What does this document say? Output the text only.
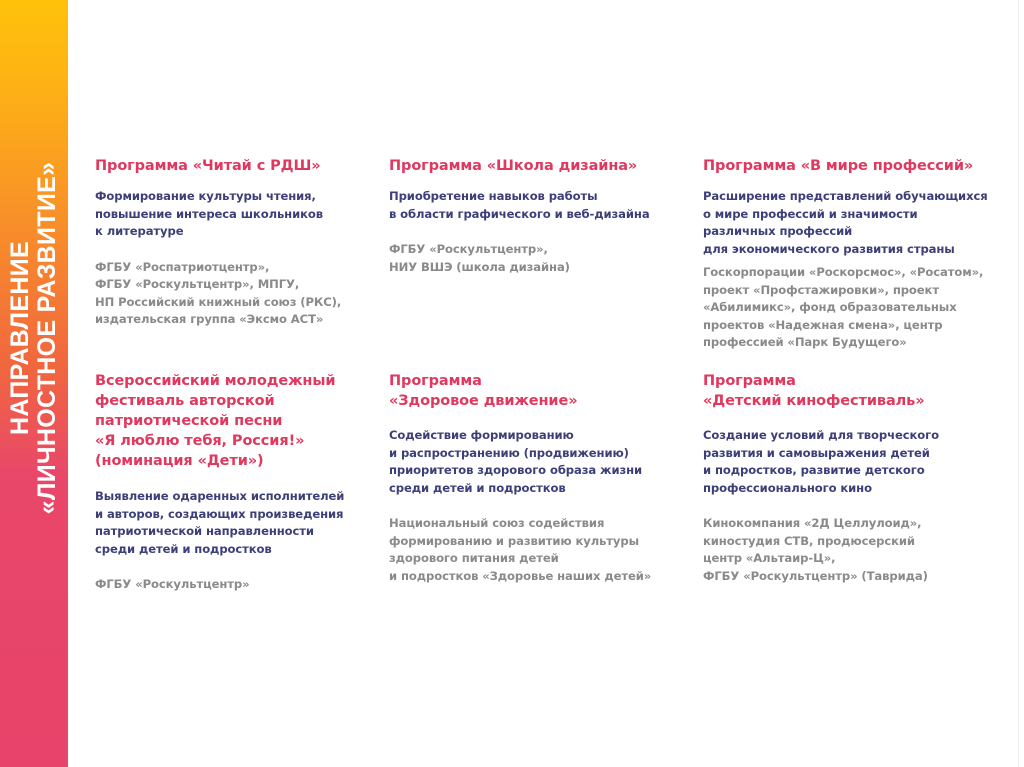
НАПРАВЛЕНИЕ «ЛИЧНОСТНОЕ РАЗВИТИЕ» Программа «Читай с РДШ»
Формирование культуры чтения,
повышение интереса школьников
к литературе
ФГБУ «Роспатриотцентр»,
ФГБУ «Роскультцентр», МПГУ,
НП Российский книжный союз (РКС),
издательская группа «Эксмо АСТ»
Программа «Школа дизайна»
Приобретение навыков работы
в области графического и веб-дизайна
ФГБУ «Роскультцентр»,
НИУ ВШЭ (школа дизайна)
Программа «В мире профессий»
Расширение представлений обучающихся
о мире профессий и значимости
различных профессий
для экономического развития страны
Госкорпорации «Роскорсмос», «Росатом»,
проект «Профстажировки», проект
«Абилимикс», фонд образовательных
проектов «Надежная смена», центр
профессией «Парк Будущего»
Всероссийский молодежный
фестиваль авторской
патриотической песни
«Я люблю тебя, Россия!»
(номинация «Дети»)
Выявление одаренных исполнителей
и авторов, создающих произведения
патриотической направленности
среди детей и подростков
ФГБУ «Роскультцентр»
Программа
«Здоровое движение»
Содействие формированию
и распространению (продвижению)
приоритетов здорового образа жизни
среди детей и подростков
Национальный союз содействия
формированию и развитию культуры
здорового питания детей
и подростков «Здоровье наших детей»
Программа
«Детский кинофестиваль»
Создание условий для творческого
развития и самовыражения детей
и подростков, развитие детского
профессионального кино
Кинокомпания «2Д Целлулоид»,
киностудия СТВ, продюсерский
центр «Альтаир-Ц»,
ФГБУ «Роскультцентр» (Таврида)
